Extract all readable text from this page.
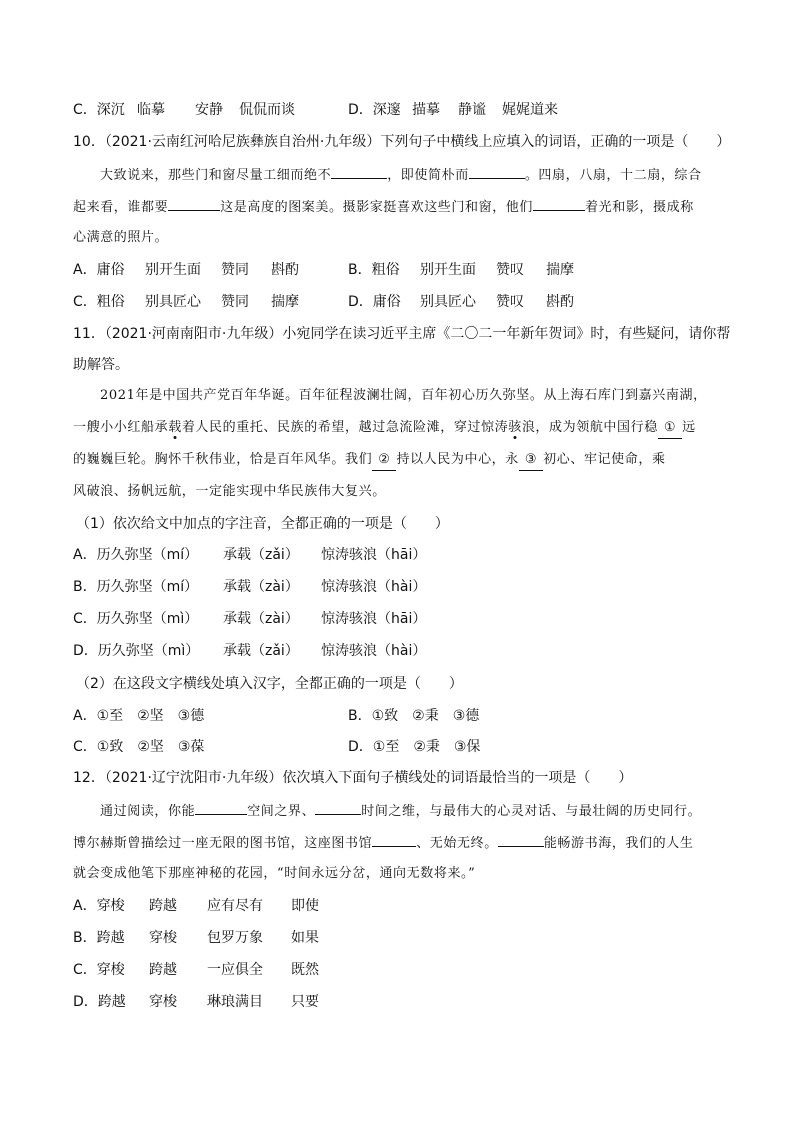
C．深沉 临摹 安静 侃侃而谈	D．深邃 描摹 静谧 娓娓道来
10．（2021·云南红河哈尼族彝族自治州·九年级）下列句子中横线上应填入的词语，正确的一项是（　　）
大致说来，那些门和窗尽量工细而绝不	，即使简朴而	。四扇，八扇，十二扇，综合
起来看，谁都要	这是高度的图案美。摄影家挺喜欢这些门和窗，他们	着光和影，摄成称
心满意的照片。
A．庸俗 别开生面 赞同 斟酌	B．粗俗 别开生面 赞叹 揣摩
C．粗俗 别具匠心 赞同 揣摩	D．庸俗 别具匠心 赞叹 斟酌
11．（2021·河南南阳市·九年级）小宛同学在读习近平主席《二〇二一年新年贺词》时，有些疑问，请你帮
助解答。
2021年是中国共产党百年华诞。百年征程波澜壮阔，百年初心历久弥坚。从上海石库门到嘉兴南湖，
一艘小小红船承载着人民的重托、民族的希望，越过急流险滩，穿过惊涛骇浪，成为领航中国行稳 ① 远
的巍巍巨轮。胸怀千秋伟业，恰是百年风华。我们 ② 持以人民为中心，永 ③ 初心、牢记使命，乘
风破浪、扬帆远航，一定能实现中华民族伟大复兴。
（1）依次给文中加点的字注音，全都正确的一项是（　　）
A．历久弥坚（mí） 承载（zǎi） 惊涛骇浪（hāi）
B．历久弥坚（mí） 承载（zài） 惊涛骇浪（hài）
C．历久弥坚（mì） 承载（zài） 惊涛骇浪（hāi）
D．历久弥坚（mì） 承载（zǎi） 惊涛骇浪（hài）
（2）在这段文字横线处填入汉字，全都正确的一项是（　　）
A．①至　②坚　③德	B．①致　②秉　③德
C．①致　②坚　③葆	D．①至　②秉　③保
12．（2021·辽宁沈阳市·九年级）依次填入下面句子横线处的词语最恰当的一项是（　　）
通过阅读，你能	空间之界、	时间之维，与最伟大的心灵对话、与最壮阔的历史同行。
博尔赫斯曾描绘过一座无限的图书馆，这座图书馆	、无始无终。	能畅游书海，我们的人生
就会变成他笔下那座神秘的花园，“时间永远分岔，通向无数将来。”
A．穿梭 跨越 应有尽有 即使
B．跨越 穿梭 包罗万象 如果
C．穿梭 跨越 一应俱全 既然
D．跨越 穿梭 琳琅满目 只要
